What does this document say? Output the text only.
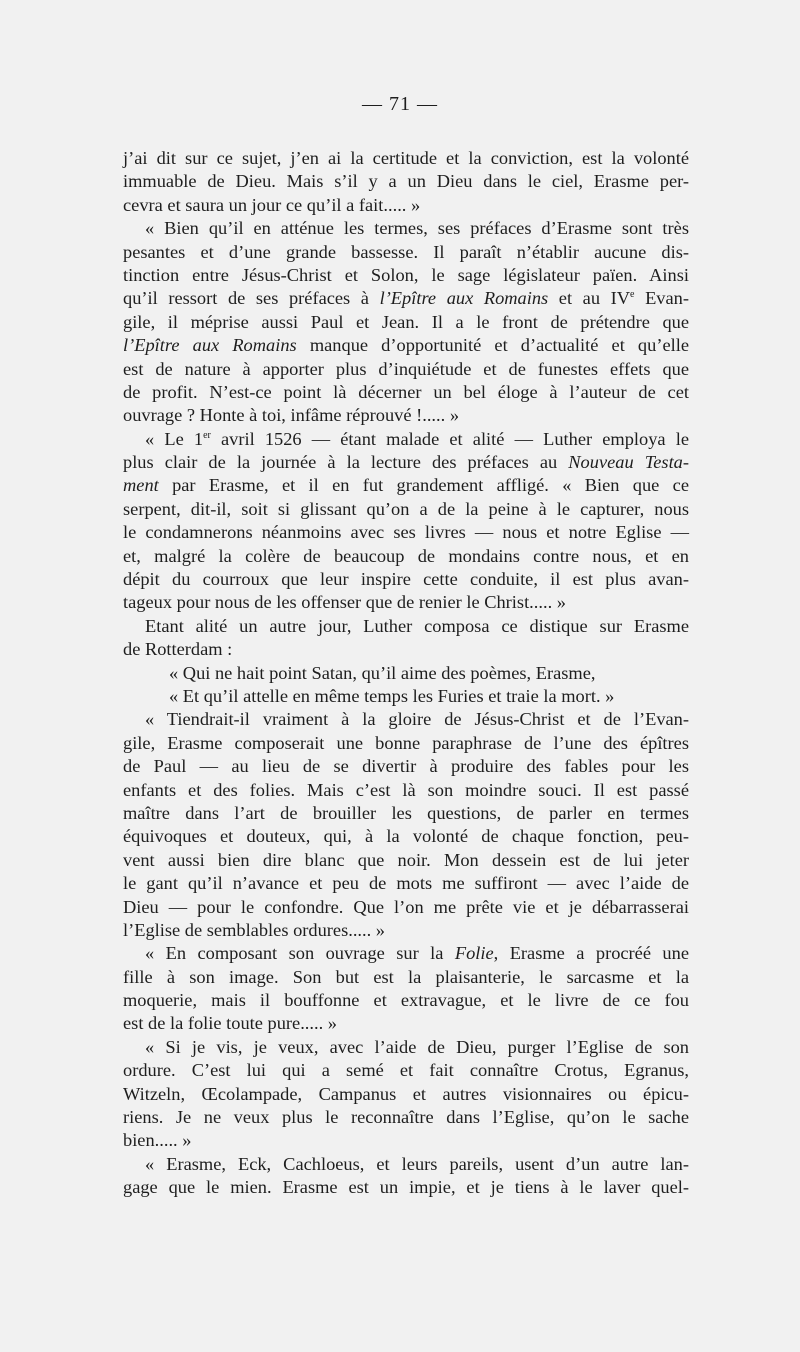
— 71 —
j’ai dit sur ce sujet, j’en ai la certitude et la conviction, est la volonté
immuable de Dieu. Mais s’il y a un Dieu dans le ciel, Erasme per-
cevra et saura un jour ce qu’il a fait..... »
« Bien qu’il en atténue les termes, ses préfaces d’Erasme sont très
pesantes et d’une grande bassesse. Il paraît n’établir aucune dis-
tinction entre Jésus-Christ et Solon, le sage législateur païen. Ainsi
qu’il ressort de ses préfaces à l’Epître aux Romains et au IVe Evan-
gile, il méprise aussi Paul et Jean. Il a le front de prétendre que
l’Epître aux Romains manque d’opportunité et d’actualité et qu’elle
est de nature à apporter plus d’inquiétude et de funestes effets que
de profit. N’est-ce point là décerner un bel éloge à l’auteur de cet
ouvrage ? Honte à toi, infâme réprouvé !..... »
« Le 1er avril 1526 — étant malade et alité — Luther employa le
plus clair de la journée à la lecture des préfaces au Nouveau Testa-
ment par Erasme, et il en fut grandement affligé. « Bien que ce
serpent, dit-il, soit si glissant qu’on a de la peine à le capturer, nous
le condamnerons néanmoins avec ses livres — nous et notre Eglise —
et, malgré la colère de beaucoup de mondains contre nous, et en
dépit du courroux que leur inspire cette conduite, il est plus avan-
tageux pour nous de les offenser que de renier le Christ..... »
Etant alité un autre jour, Luther composa ce distique sur Erasme
de Rotterdam :
« Qui ne hait point Satan, qu’il aime des poèmes, Erasme,
« Et qu’il attelle en même temps les Furies et traie la mort. »
« Tiendrait-il vraiment à la gloire de Jésus-Christ et de l’Evan-
gile, Erasme composerait une bonne paraphrase de l’une des épîtres
de Paul — au lieu de se divertir à produire des fables pour les
enfants et des folies. Mais c’est là son moindre souci. Il est passé
maître dans l’art de brouiller les questions, de parler en termes
équivoques et douteux, qui, à la volonté de chaque fonction, peu-
vent aussi bien dire blanc que noir. Mon dessein est de lui jeter
le gant qu’il n’avance et peu de mots me suffiront — avec l’aide de
Dieu — pour le confondre. Que l’on me prête vie et je débarrasserai
l’Eglise de semblables ordures..... »
« En composant son ouvrage sur la Folie, Erasme a procréé une
fille à son image. Son but est la plaisanterie, le sarcasme et la
moquerie, mais il bouffonne et extravague, et le livre de ce fou
est de la folie toute pure..... »
« Si je vis, je veux, avec l’aide de Dieu, purger l’Eglise de son
ordure. C’est lui qui a semé et fait connaître Crotus, Egranus,
Witzeln, Œcolampade, Campanus et autres visionnaires ou épicu-
riens. Je ne veux plus le reconnaître dans l’Eglise, qu’on le sache
bien..... »
« Erasme, Eck, Cachloeus, et leurs pareils, usent d’un autre lan-
gage que le mien. Erasme est un impie, et je tiens à le laver quel-
